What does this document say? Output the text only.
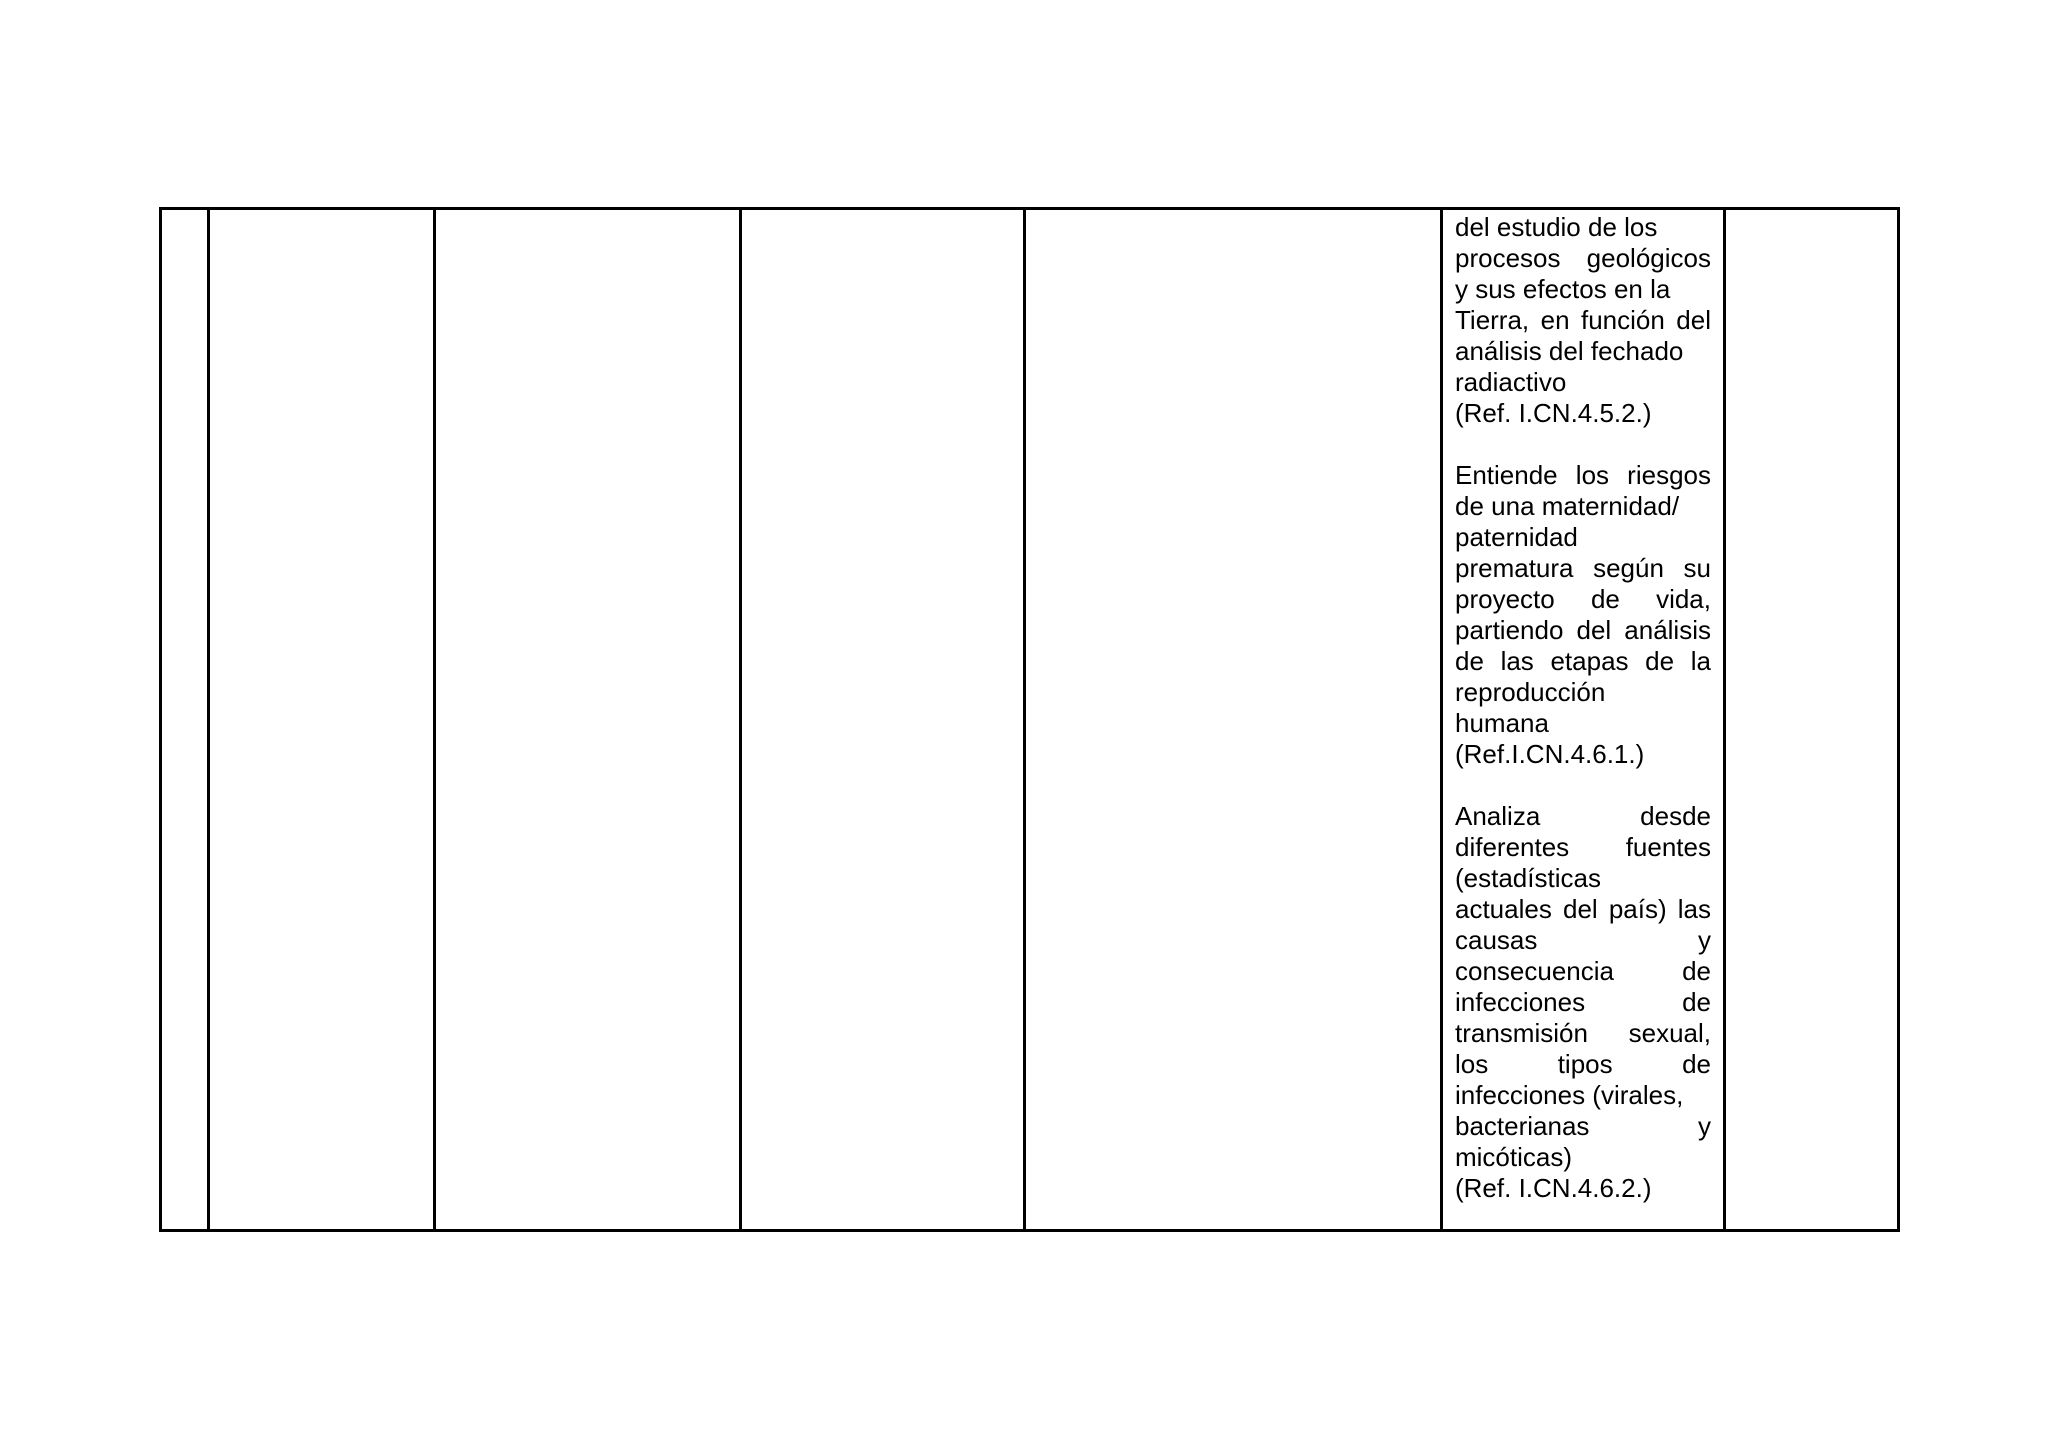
del estudio de los
procesos geológicos
y sus efectos en la
Tierra, en función del
análisis del fechado
radiactivo
(Ref. I.CN.4.5.2.)
Entiende los riesgos
de una maternidad/
paternidad
prematura según su
proyecto de vida,
partiendo del análisis
de las etapas de la
reproducción
humana
(Ref.I.CN.4.6.1.)
Analiza desde
diferentes fuentes
(estadísticas
actuales del país) las
causas y
consecuencia de
infecciones de
transmisión sexual,
los tipos de
infecciones (virales,
bacterianas y
micóticas)
(Ref. I.CN.4.6.2.)
